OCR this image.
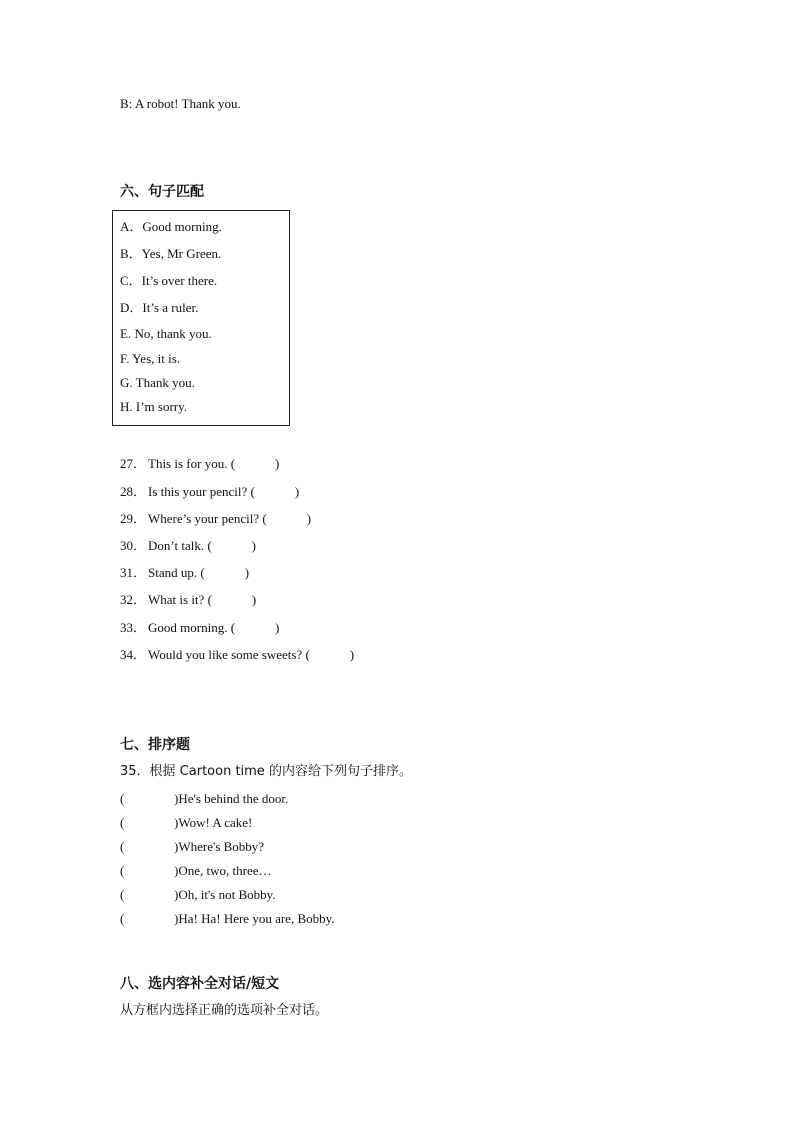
B: A robot! Thank you.
六、句子匹配
A．Good morning.
B．Yes, Mr Green.
C．It’s over there.
D．It’s a ruler.
E. No, thank you.
F. Yes, it is.
G. Thank you.
H. I’m sorry.
27． This is for you. (	)
28． Is this your pencil? (	)
29． Where’s your pencil? (	)
30． Don’t talk. (	)
31． Stand up. (	)
32． What is it? (	)
33． Good morning. (	)
34． Would you like some sweets? (	)
七、排序题
35．根据 Cartoon time 的内容给下列句子排序。
(	)He's behind the door.
(	)Wow! A cake!
(	)Where's Bobby?
(	)One, two, three…
(	)Oh, it's not Bobby.
(	)Ha! Ha! Here you are, Bobby.
八、选内容补全对话/短文
从方框内选择正确的选项补全对话。
